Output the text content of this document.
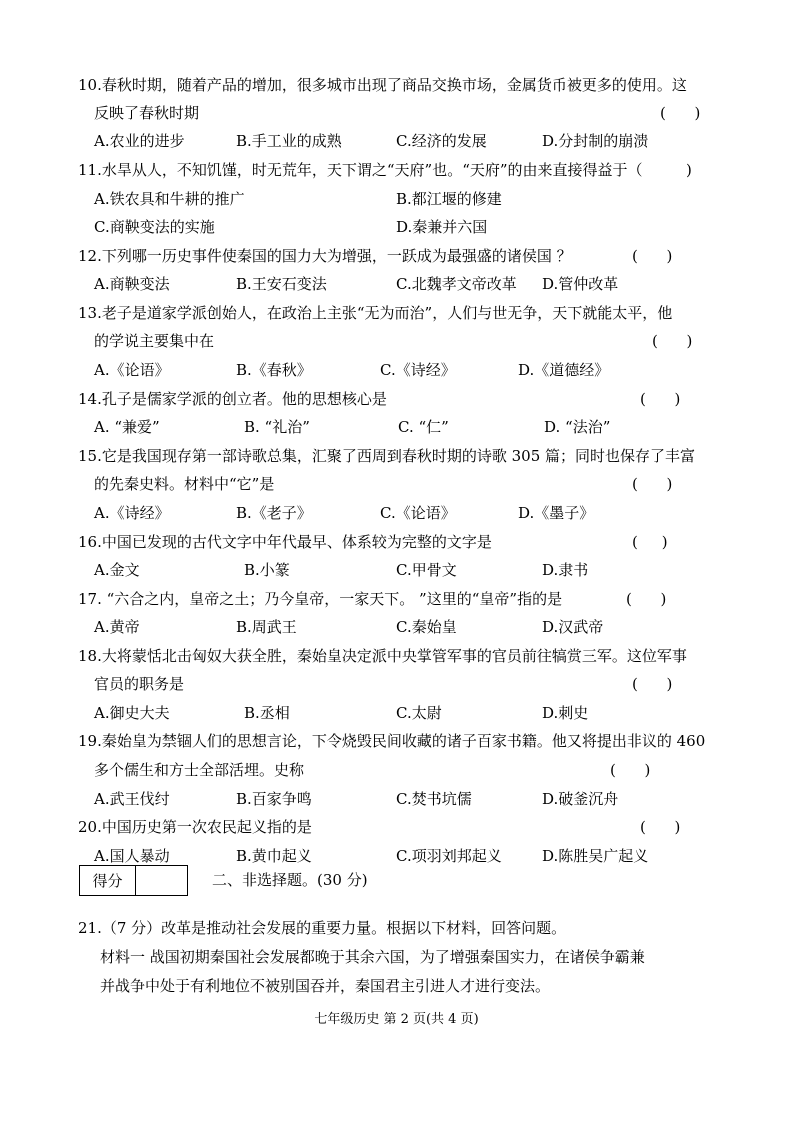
10.春秋时期，随着产品的增加，很多城市出现了商品交换市场，金属货币被更多的使用。这
反映了春秋时期	(      )
A.农业的进步	B.手工业的成熟	C.经济的发展	D.分封制的崩溃
11.水旱从人，不知饥馑，时无荒年，天下谓之“天府”也。“天府”的由来直接得益于（	)
A.铁农具和牛耕的推广	B.都江堰的修建
C.商鞅变法的实施	D.秦兼并六国
12.下列哪一历史事件使秦国的国力大为增强，一跃成为最强盛的诸侯国 ？	(      )
A.商鞅变法	B.王安石变法	C.北魏孝文帝改革 D.管仲改革
13.老子是道家学派创始人，在政治上主张“无为而治”，人们与世无争，天下就能太平，他
的学说主要集中在	(      )
A.《论语》	B.《春秋》	C.《诗经》	D.《道德经》
14.孔子是儒家学派的创立者。他的思想核心是	(      )
A. “兼爱”	B. “礼治”	C. “仁”	D. “法治”
15.它是我国现存第一部诗歌总集，汇聚了西周到春秋时期的诗歌 305 篇；同时也保存了丰富
的先秦史料。材料中“它”是	(      )
A.《诗经》	B.《老子》	C.《论语》	D.《墨子》
16.中国已发现的古代文字中年代最早、体系较为完整的文字是	(     )
A.金文	B.小篆	C.甲骨文	D.隶书
17. “六合之内，皇帝之土；乃今皇帝，一家天下。 ”这里的“皇帝”指的是	(      )
A.黄帝	B.周武王	C.秦始皇	D.汉武帝
18.大将蒙恬北击匈奴大获全胜，秦始皇决定派中央掌管军事的官员前往犒赏三军。这位军事
官员的职务是	(      )
A.御史大夫	B.丞相	C.太尉	D.刺史
19.秦始皇为禁锢人们的思想言论，下令烧毁民间收藏的诸子百家书籍。他又将提出非议的 460
多个儒生和方士全部活埋。史称	(      )
A.武王伐纣	B.百家争鸣	C.焚书坑儒	D.破釜沉舟
20.中国历史第一次农民起义指的是	(      )
A.国人暴动	B.黄巾起义	C.项羽刘邦起义	D.陈胜吴广起义
得分	二、非选择题。(30 分)
21.（7 分）改革是推动社会发展的重要力量。根据以下材料，回答问题。
材料一 战国初期秦国社会发展都晚于其余六国，为了增强秦国实力，在诸侯争霸兼
并战争中处于有利地位不被别国吞并，秦国君主引进人才进行变法。
七年级历史 第 2 页(共 4 页)
